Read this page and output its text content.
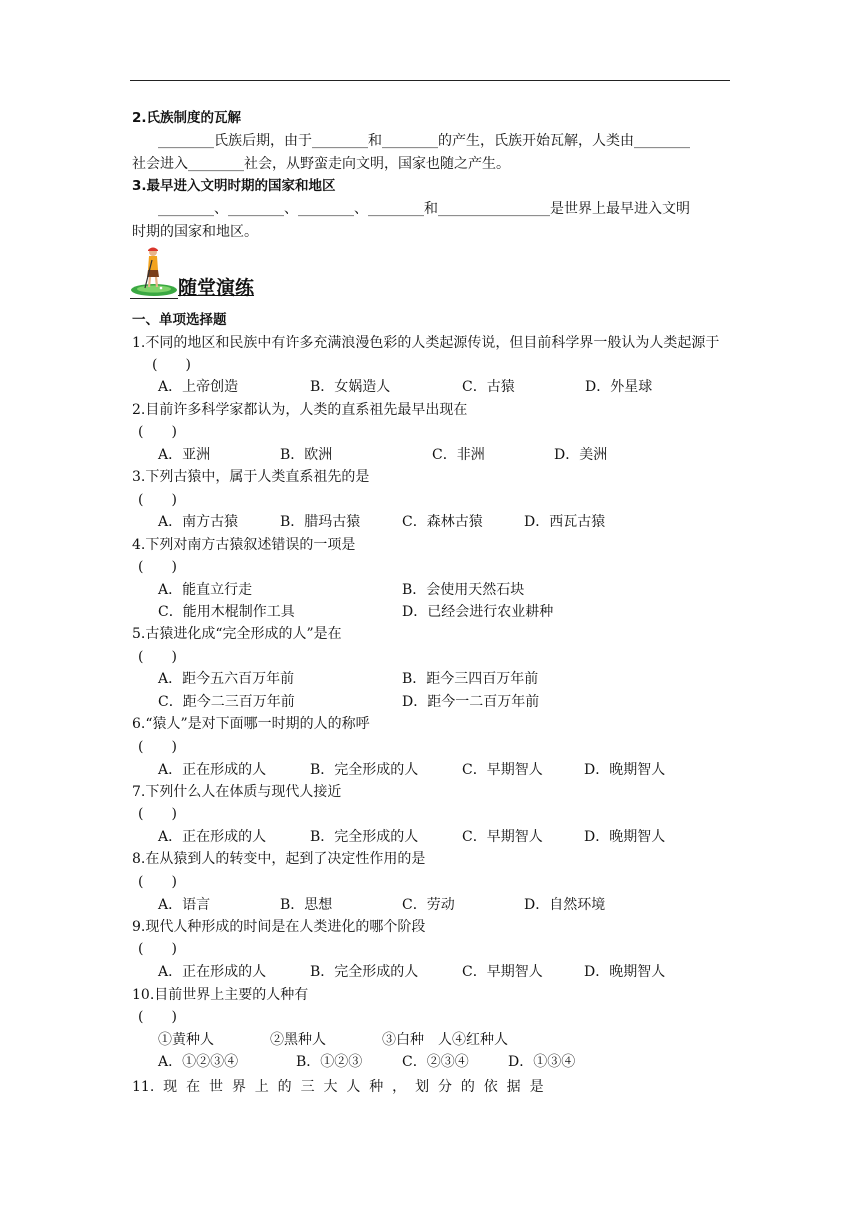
2.氏族制度的瓦解
________氏族后期，由于________和________的产生，氏族开始瓦解，人类由________
社会进入________社会，从野蛮走向文明，国家也随之产生。
3.最早进入文明时期的国家和地区
________、________、________、________和________________是世界上最早进入文明
时期的国家和地区。
随堂演练
一、单项选择题
1.不同的地区和民族中有许多充满浪漫色彩的人类起源传说，但目前科学界一般认为人类起源于
(　　)
A．上帝创造	B．女娲造人	C．古猿	D．外星球
2.目前许多科学家都认为，人类的直系祖先最早出现在
(　　)
A．亚洲	B．欧洲	C．非洲	D．美洲
3.下列古猿中，属于人类直系祖先的是
(　　)
A．南方古猿	B．腊玛古猿	C．森林古猿	D．西瓦古猿
4.下列对南方古猿叙述错误的一项是
(　　)
A．能直立行走	B．会使用天然石块
C．能用木棍制作工具	D．已经会进行农业耕种
5.古猿进化成“完全形成的人”是在
(　　)
A．距今五六百万年前	B．距今三四百万年前
C．距今二三百万年前	D．距今一二百万年前
6.“猿人”是对下面哪一时期的人的称呼
(　　)
A．正在形成的人	B．完全形成的人	C．早期智人	D．晚期智人
7.下列什么人在体质与现代人接近
(　　)
A．正在形成的人	B．完全形成的人	C．早期智人	D．晚期智人
8.在从猿到人的转变中，起到了决定性作用的是
(　　)
A．语言	B．思想	C．劳动	D．自然环境
9.现代人种形成的时间是在人类进化的哪个阶段
(　　)
A．正在形成的人	B．完全形成的人	C．早期智人	D．晚期智人
10.目前世界上主要的人种有
(　　)
①黄种人　　　　②黑种人　　　　③白种　人④红种人
A．①②③④	B．①②③	C．②③④	D．①③④
11.  现  在  世  界  上  的  三  大  人  种  ，  划  分  的  依  据  是
